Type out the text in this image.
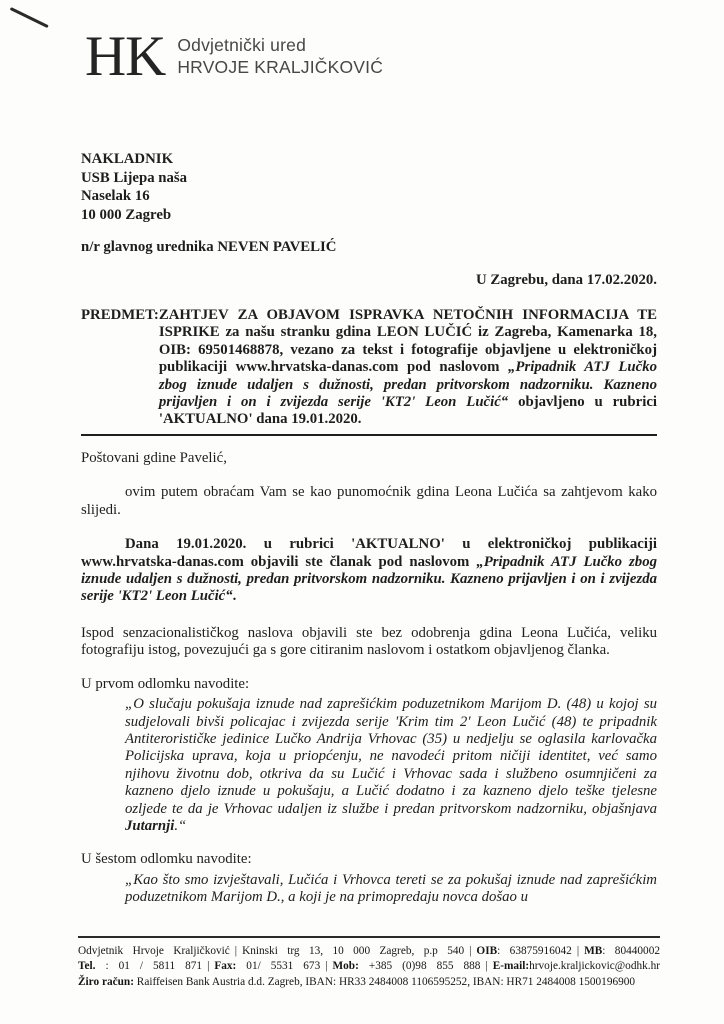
HK Odvjetnički ured
HRVOJE KRALJIČKOVIĆ
NAKLADNIK
USB Lijepa naša
Naselak 16
10 000 Zagreb
n/r glavnog urednika NEVEN PAVELIĆ
U Zagrebu, dana 17.02.2020.
PREDMET: ZAHTJEV ZA OBJAVOM ISPRAVKA NETOČNIH INFORMACIJA TE ISPRIKE za našu stranku gdina LEON LUČIĆ iz Zagreba, Kamenarka 18, OIB: 69501468878, vezano za tekst i fotografije objavljene u elektroničkoj publikaciji www.hrvatska-danas.com pod naslovom „Pripadnik ATJ Lučko zbog iznude udaljen s dužnosti, predan pritvorskom nadzorniku. Kazneno prijavljen i on i zvijezda serije 'KT2' Leon Lučić“ objavljeno u rubrici 'AKTUALNO' dana 19.01.2020.
Poštovani gdine Pavelić,
ovim putem obraćam Vam se kao punomoćnik gdina Leona Lučića sa zahtjevom kako slijedi.
Dana 19.01.2020. u rubrici 'AKTUALNO' u elektroničkoj publikaciji www.hrvatska-danas.com objavili ste članak pod naslovom „Pripadnik ATJ Lučko zbog iznude udaljen s dužnosti, predan pritvorskom nadzorniku. Kazneno prijavljen i on i zvijezda serije 'KT2' Leon Lučić“.
Ispod senzacionalističkog naslova objavili ste bez odobrenja gdina Leona Lučića, veliku fotografiju istog, povezujući ga s gore citiranim naslovom i ostatkom objavljenog članka.
U prvom odlomku navodite:
„O slučaju pokušaja iznude nad zaprešićkim poduzetnikom Marijom D. (48) u kojoj su sudjelovali bivši policajac i zvijezda serije 'Krim tim 2' Leon Lučić (48) te pripadnik Antiterorističke jedinice Lučko Andrija Vrhovac (35) u nedjelju se oglasila karlovačka Policijska uprava, koja u priopćenju, ne navodeći pritom ničiji identitet, već samo njihovu životnu dob, otkriva da su Lučić i Vrhovac sada i službeno osumnjičeni za kazneno djelo iznude u pokušaju, a Lučić dodatno i za kazneno djelo teške tjelesne ozljede te da je Vrhovac udaljen iz službe i predan pritvorskom nadzorniku, objašnjava Jutarnji.“
U šestom odlomku navodite:
„Kao što smo izvještavali, Lučića i Vrhovca tereti se za pokušaj iznude nad zaprešićkim poduzetnikom Marijom D., a koji je na primopredaju novca došao u
Odvjetnik Hrvoje Kraljičković | Kninski trg 13, 10 000 Zagreb, p.p 540 | OIB: 63875916042 | MB: 80440002
Tel. : 01 / 5811 871 | Fax: 01/ 5531 673 | Mob: +385 (0)98 855 888 | E-mail:hrvoje.kraljickovic@odhk.hr
Žiro račun: Raiffeisen Bank Austria d.d. Zagreb, IBAN: HR33 2484008 1106595252, IBAN: HR71 2484008 1500196900
